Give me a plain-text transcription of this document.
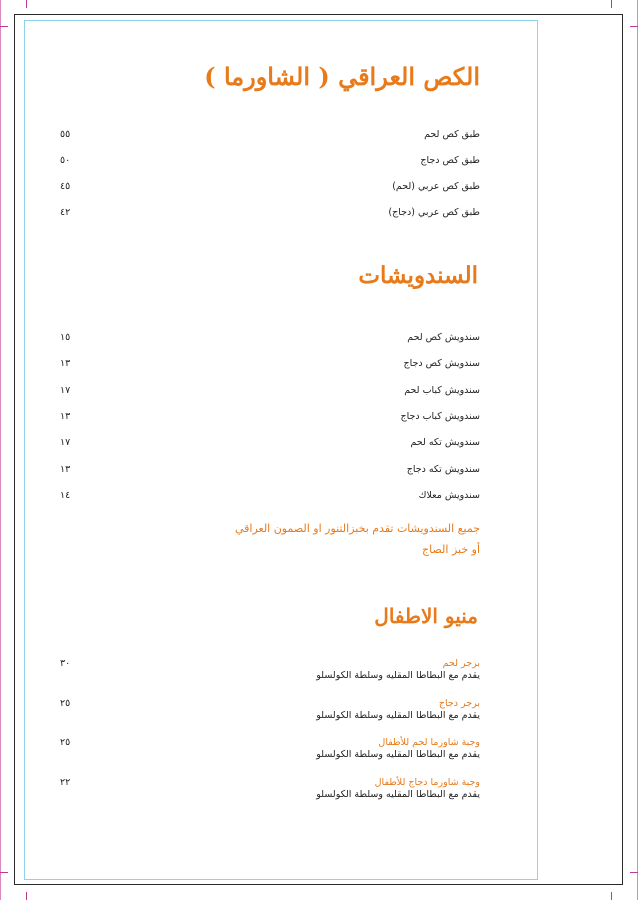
الكص العراقي ( الشاورما )
طبق كص لحم
٥٥
طبق كص دجاج
٥٠
طبق كص عربي (لحم)
٤٥
طبق كص عربي (دجاج)
٤٢
السندويشات
سندويش كص لحم
١٥
سندويش كص دجاج
١٣
سندويش كباب لحم
١٧
سندويش كباب دجاج
١٣
سندويش تكه لحم
١٧
سندويش تكه دجاج
١٣
سندويش معلاك
١٤
جميع السندويشات تقدم بخبزالتنور او الصمون العراقي
أو خبز الصاج
منيو الاطفال
برجر لحم
يقدم مع البطاطا المقليه وسلطة الكولسلو
٣٠
برجر دجاج
يقدم مع البطاطا المقليه وسلطة الكولسلو
٢٥
وجبة شاورما لحم للأطفال
يقدم مع البطاطا المقليه وسلطة الكولسلو
٢٥
وجبة شاورما دجاج للأطفال
يقدم مع البطاطا المقليه وسلطة الكولسلو
٢٢
